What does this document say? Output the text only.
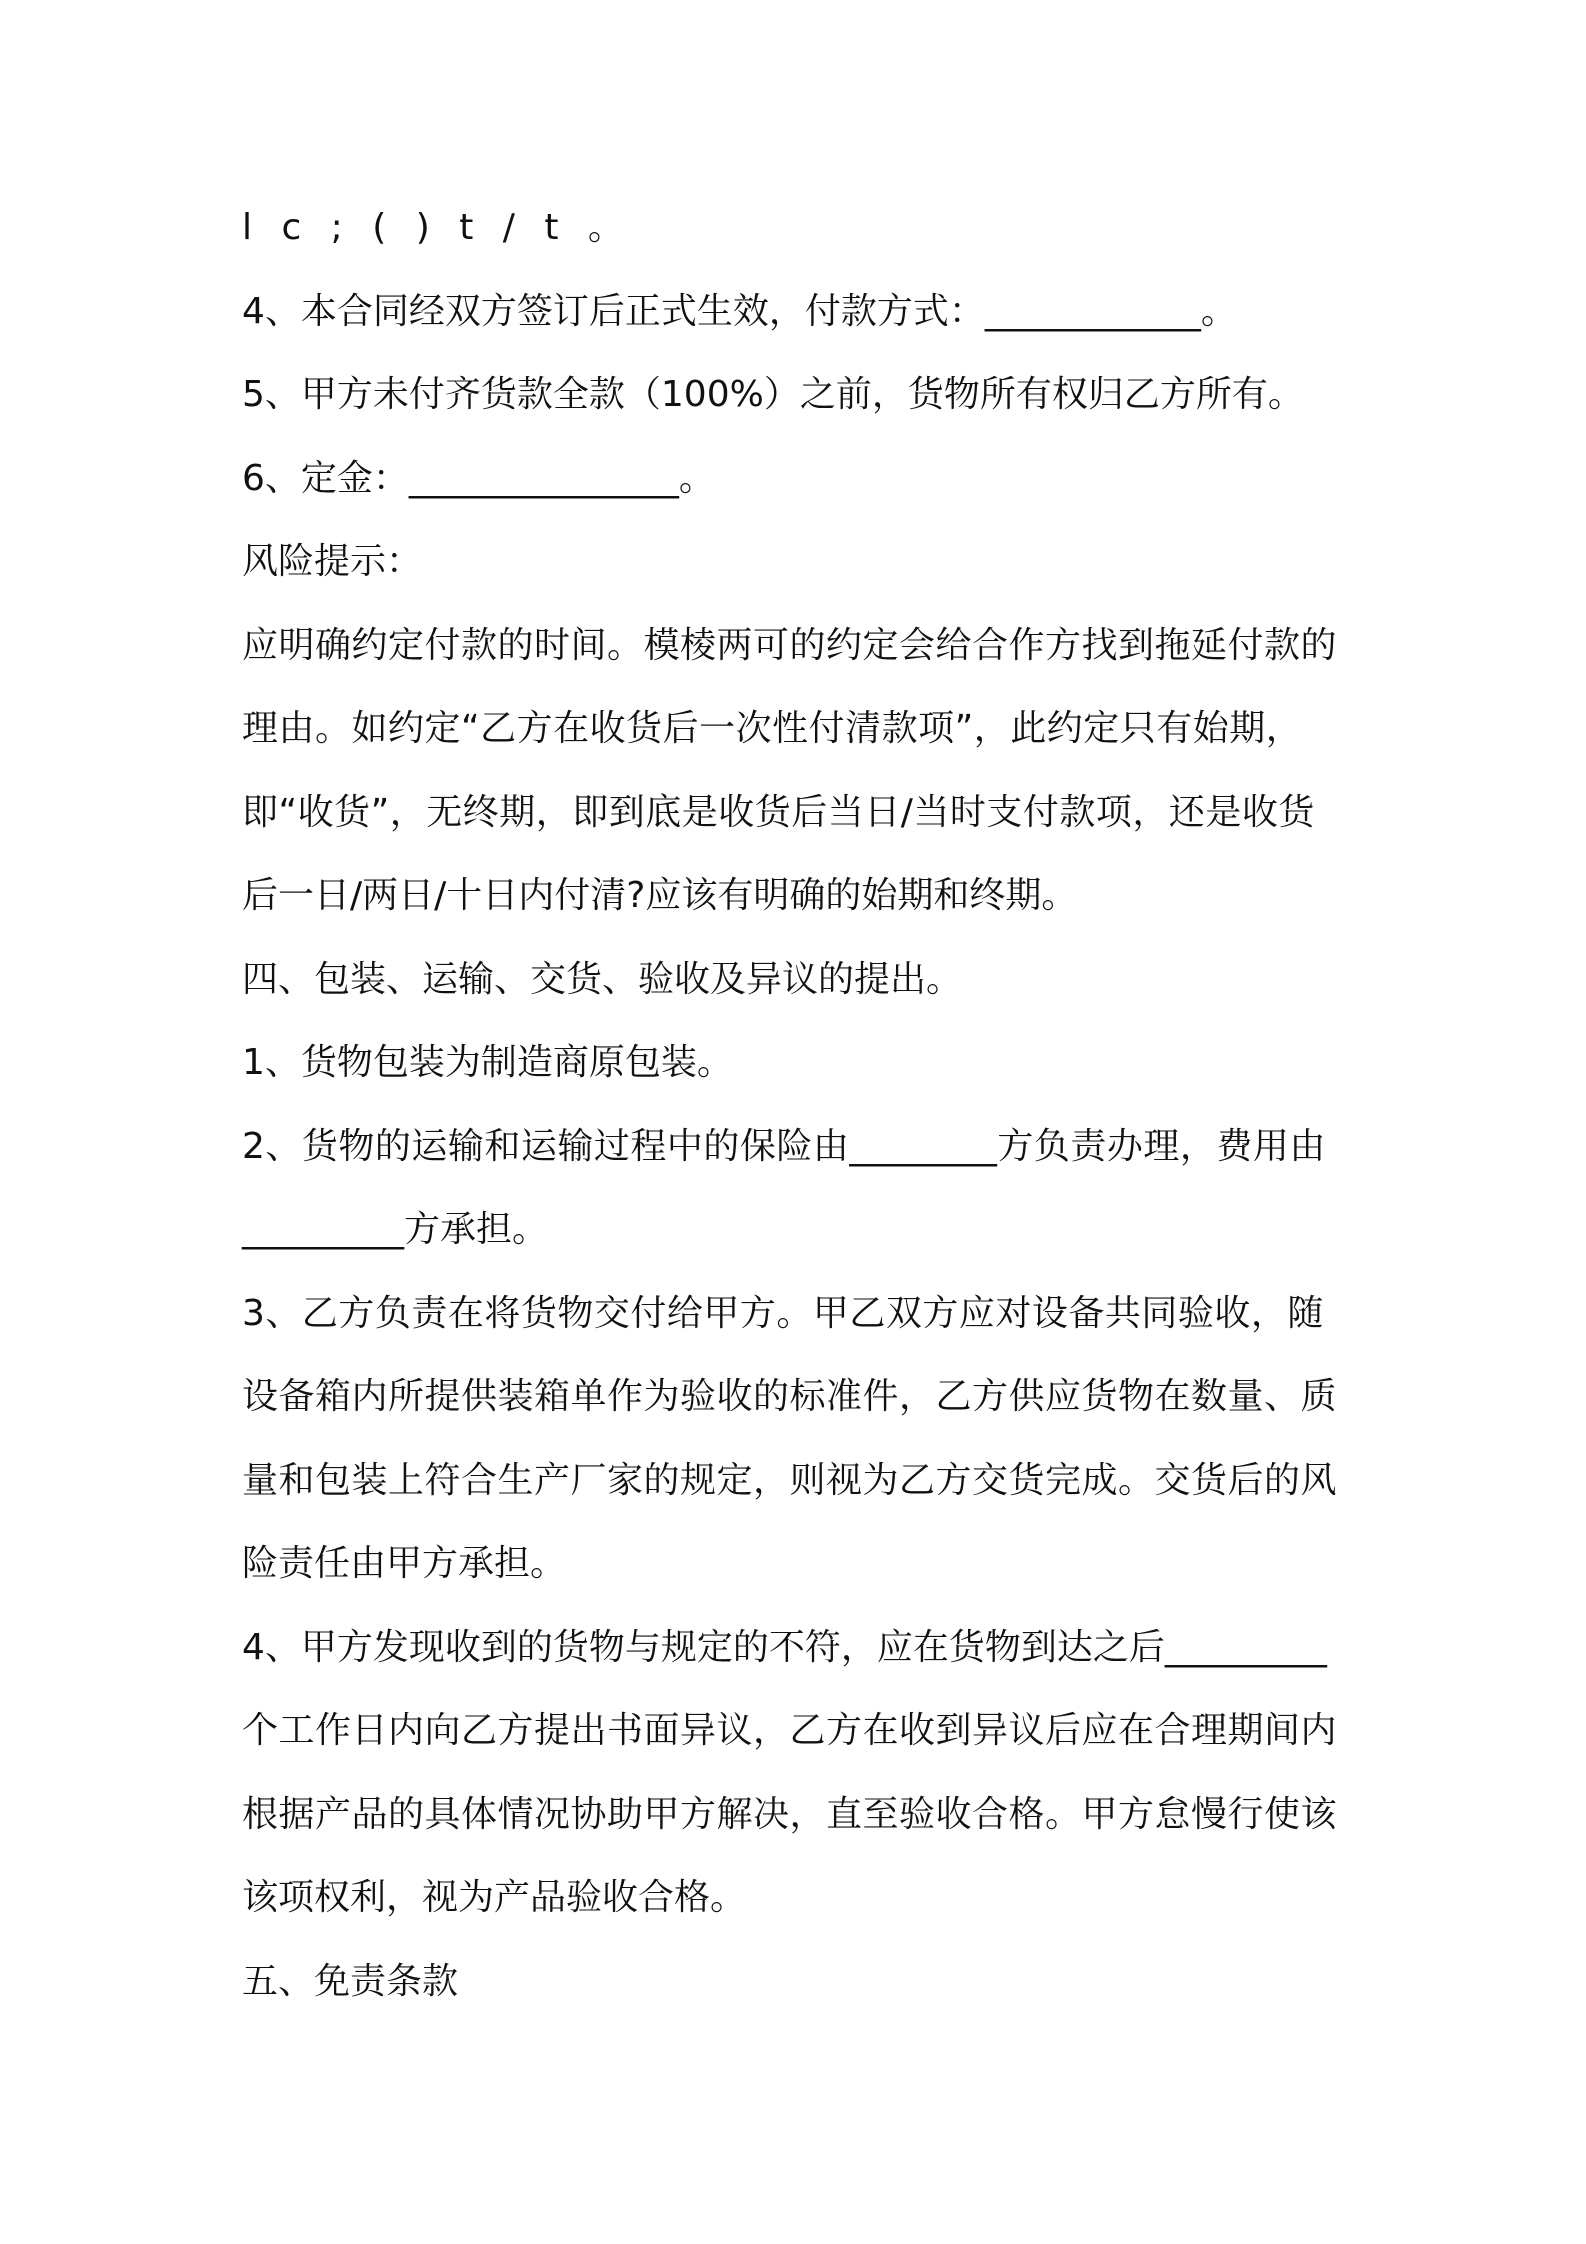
l c ; ( ) t / t 。
4、本合同经双方签订后正式生效，付款方式：____________。
5、甲方未付齐货款全款（100%）之前，货物所有权归乙方所有。
6、定金：_______________。
风险提示：
应明确约定付款的时间。模棱两可的约定会给合作方找到拖延付款的
理由。如约定“乙方在收货后一次性付清款项”，此约定只有始期，
即“收货”，无终期，即到底是收货后当日/当时支付款项，还是收货
后一日/两日/十日内付清?应该有明确的始期和终期。
四、包装、运输、交货、验收及异议的提出。
1、货物包装为制造商原包装。
2、货物的运输和运输过程中的保险由________方负责办理，费用由
_________方承担。
3、乙方负责在将货物交付给甲方。甲乙双方应对设备共同验收，随
设备箱内所提供装箱单作为验收的标准件，乙方供应货物在数量、质
量和包装上符合生产厂家的规定，则视为乙方交货完成。交货后的风
险责任由甲方承担。
4、甲方发现收到的货物与规定的不符，应在货物到达之后_________
个工作日内向乙方提出书面异议，乙方在收到异议后应在合理期间内
根据产品的具体情况协助甲方解决，直至验收合格。甲方怠慢行使该
该项权利，视为产品验收合格。
五、免责条款
